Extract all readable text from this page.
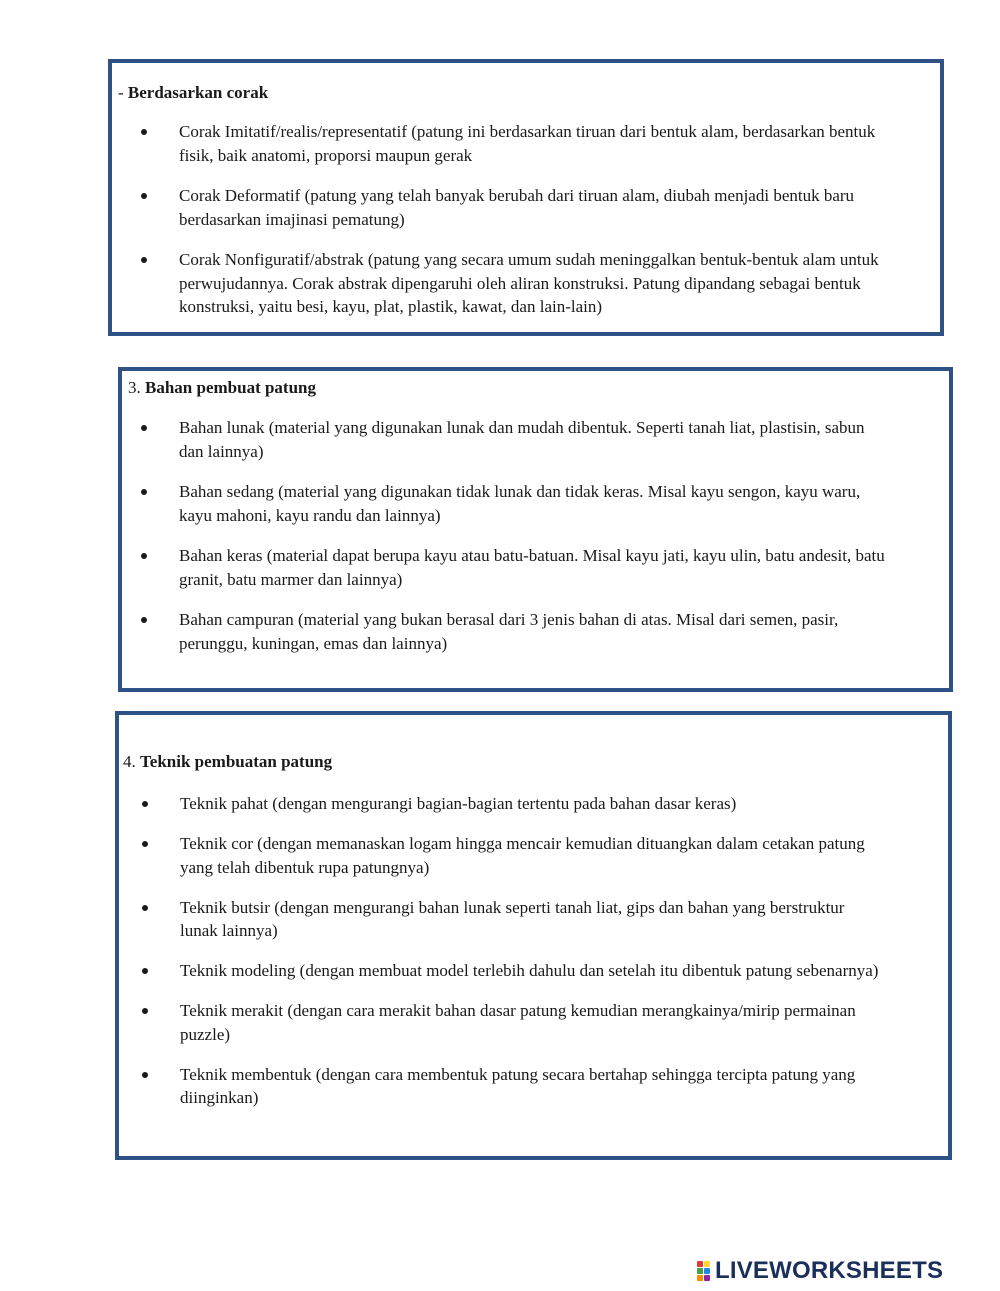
- Berdasarkan corak
Corak Imitatif/realis/representatif (patung ini berdasarkan tiruan dari bentuk alam, berdasarkan bentuk fisik, baik anatomi, proporsi maupun gerak
Corak Deformatif (patung yang telah banyak berubah dari tiruan alam, diubah menjadi bentuk baru berdasarkan imajinasi pematung)
Corak Nonfiguratif/abstrak (patung yang secara umum sudah meninggalkan bentuk-bentuk alam untuk perwujudannya. Corak abstrak dipengaruhi oleh aliran konstruksi. Patung dipandang sebagai bentuk konstruksi, yaitu besi, kayu, plat, plastik, kawat, dan lain-lain)
3. Bahan pembuat patung
Bahan lunak (material yang digunakan lunak dan mudah dibentuk. Seperti tanah liat, plastisin, sabun dan lainnya)
Bahan sedang (material yang digunakan tidak lunak dan tidak keras. Misal kayu sengon, kayu waru, kayu mahoni, kayu randu dan lainnya)
Bahan keras (material dapat berupa kayu atau batu-batuan. Misal kayu jati, kayu ulin, batu andesit, batu granit, batu marmer dan lainnya)
Bahan campuran (material yang bukan berasal dari 3 jenis bahan di atas. Misal dari semen, pasir, perunggu, kuningan, emas dan lainnya)
4. Teknik pembuatan patung
Teknik pahat (dengan mengurangi bagian-bagian tertentu pada bahan dasar keras)
Teknik cor (dengan memanaskan logam hingga mencair kemudian dituangkan dalam cetakan patung yang telah dibentuk rupa patungnya)
Teknik butsir (dengan mengurangi bahan lunak seperti tanah liat, gips dan bahan yang berstruktur lunak lainnya)
Teknik modeling (dengan membuat model terlebih dahulu dan setelah itu dibentuk patung sebenarnya)
Teknik merakit (dengan cara merakit bahan dasar patung kemudian merangkainya/mirip permainan puzzle)
Teknik membentuk (dengan cara membentuk patung secara bertahap sehingga tercipta patung yang diinginkan)
LIVEWORKSHEETS
